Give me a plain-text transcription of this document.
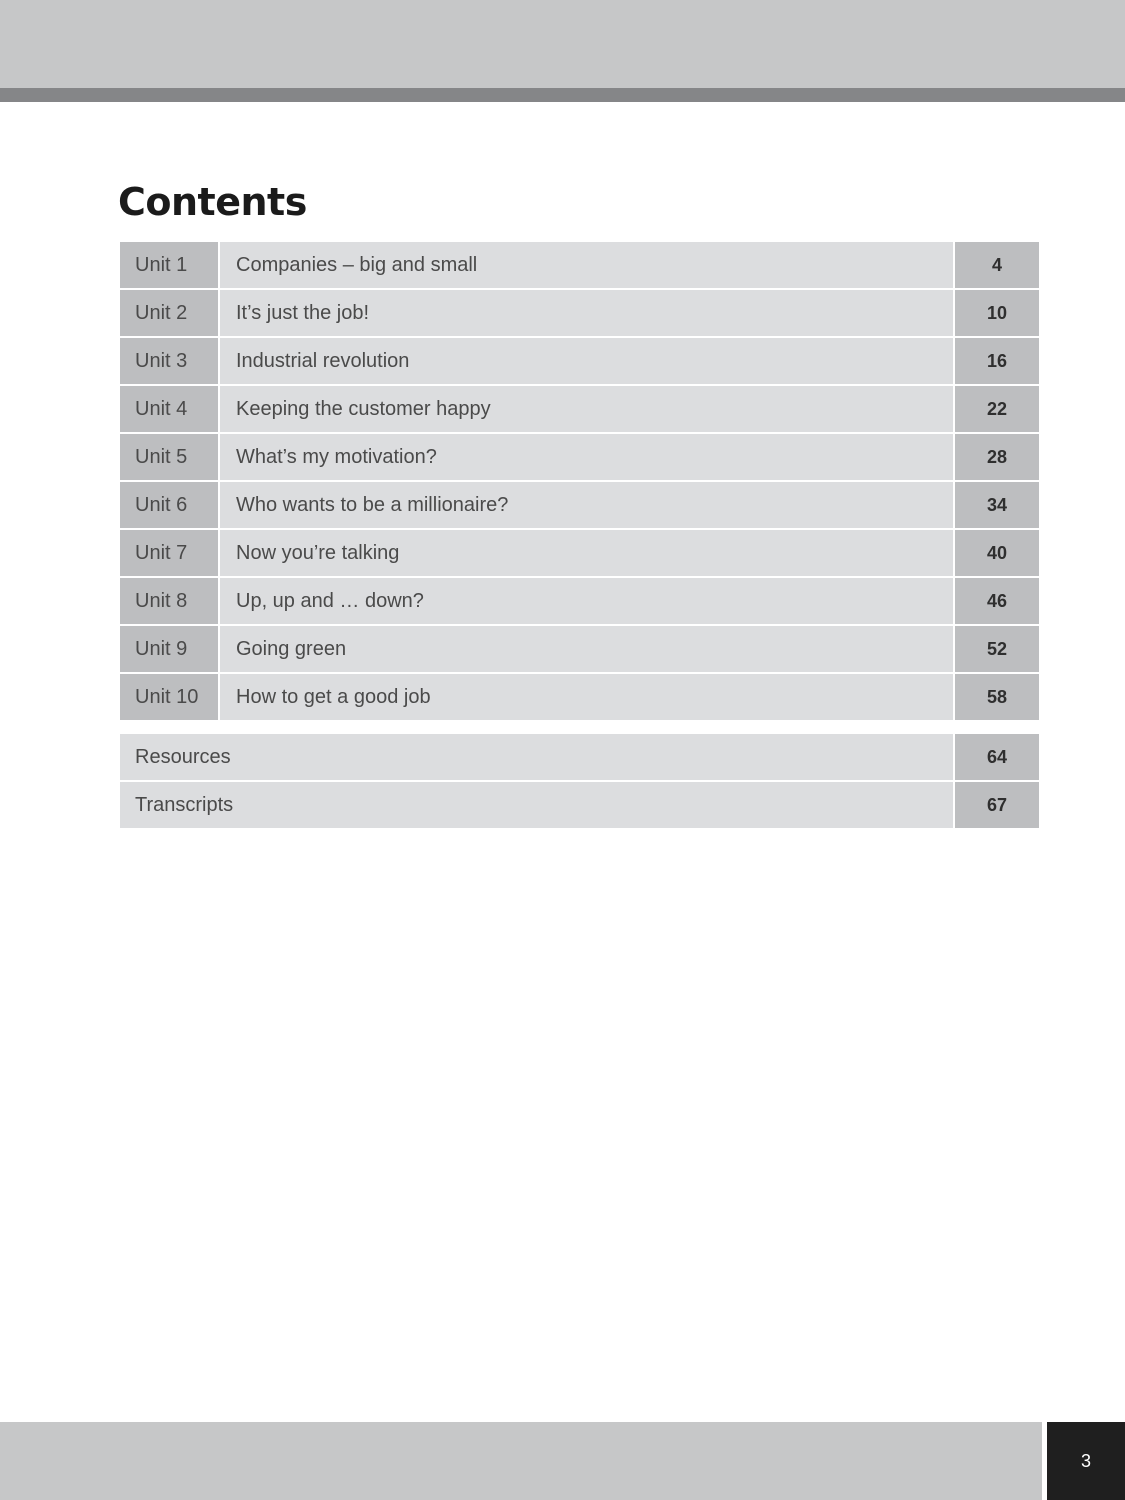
Contents
Unit 1	Companies – big and small	4
Unit 2	It’s just the job!	10
Unit 3	Industrial revolution	16
Unit 4	Keeping the customer happy	22
Unit 5	What’s my motivation?	28
Unit 6	Who wants to be a millionaire?	34
Unit 7	Now you’re talking	40
Unit 8	Up, up and … down?	46
Unit 9	Going green	52
Unit 10	How to get a good job	58
Resources	64
Transcripts	67
3
